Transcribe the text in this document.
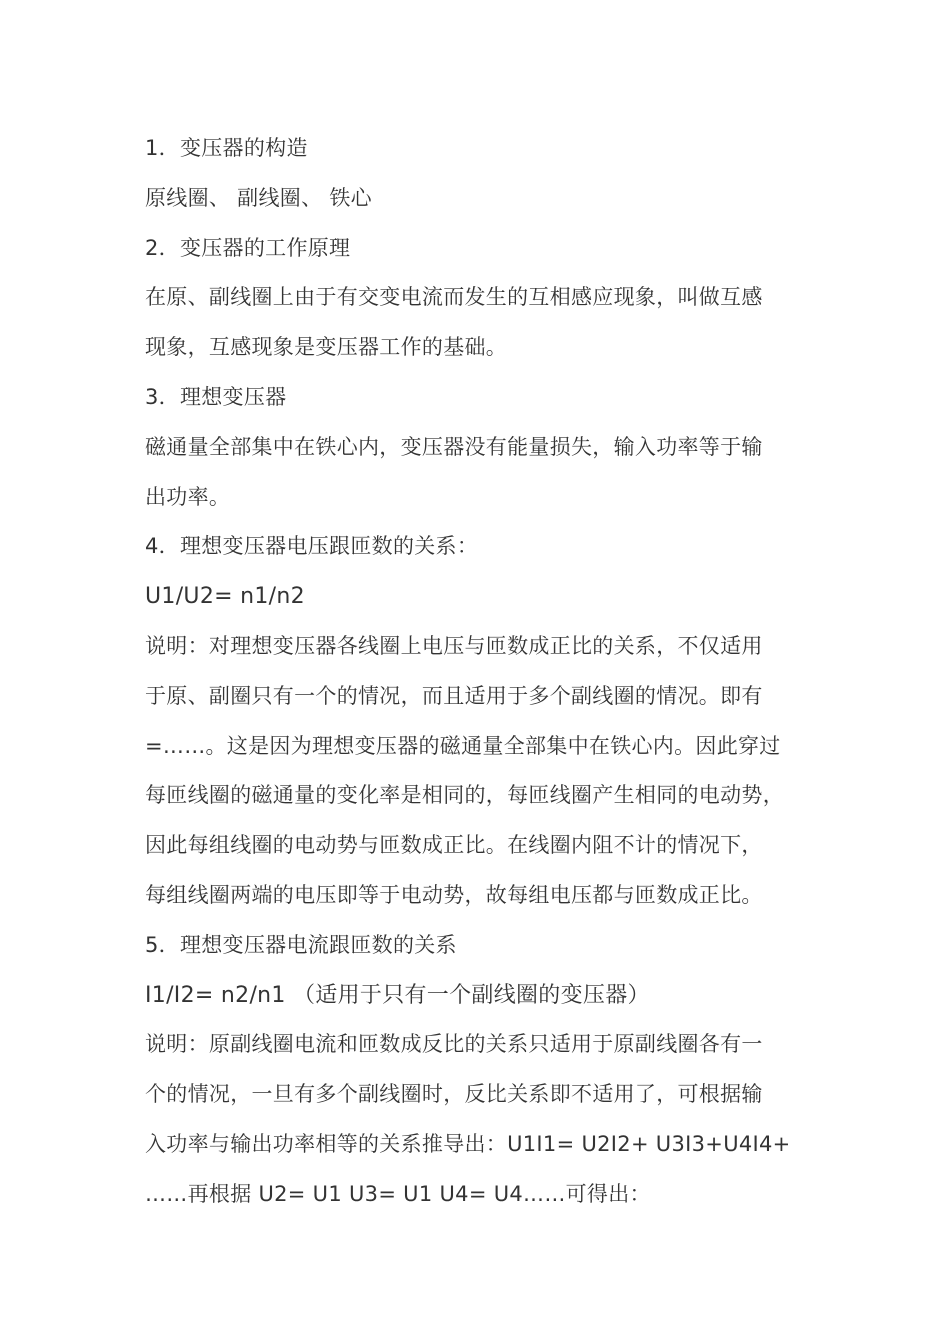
1．变压器的构造
原线圈、 副线圈、 铁心
2．变压器的工作原理
在原、副线圈上由于有交变电流而发生的互相感应现象，叫做互感
现象，互感现象是变压器工作的基础。
3．理想变压器
磁通量全部集中在铁心内，变压器没有能量损失，输入功率等于输
出功率。
4．理想变压器电压跟匝数的关系：
U1/U2= n1/n2
说明：对理想变压器各线圈上电压与匝数成正比的关系，不仅适用
于原、副圈只有一个的情况，而且适用于多个副线圈的情况。即有
=……。这是因为理想变压器的磁通量全部集中在铁心内。因此穿过
每匝线圈的磁通量的变化率是相同的，每匝线圈产生相同的电动势，
因此每组线圈的电动势与匝数成正比。在线圈内阻不计的情况下，
每组线圈两端的电压即等于电动势，故每组电压都与匝数成正比。
5．理想变压器电流跟匝数的关系
I1/I2= n2/n1 （适用于只有一个副线圈的变压器）
说明：原副线圈电流和匝数成反比的关系只适用于原副线圈各有一
个的情况，一旦有多个副线圈时，反比关系即不适用了，可根据输
入功率与输出功率相等的关系推导出：U1I1= U2I2+ U3I3+U4I4+
……再根据 U2= U1 U3= U1 U4= U4……可得出：
